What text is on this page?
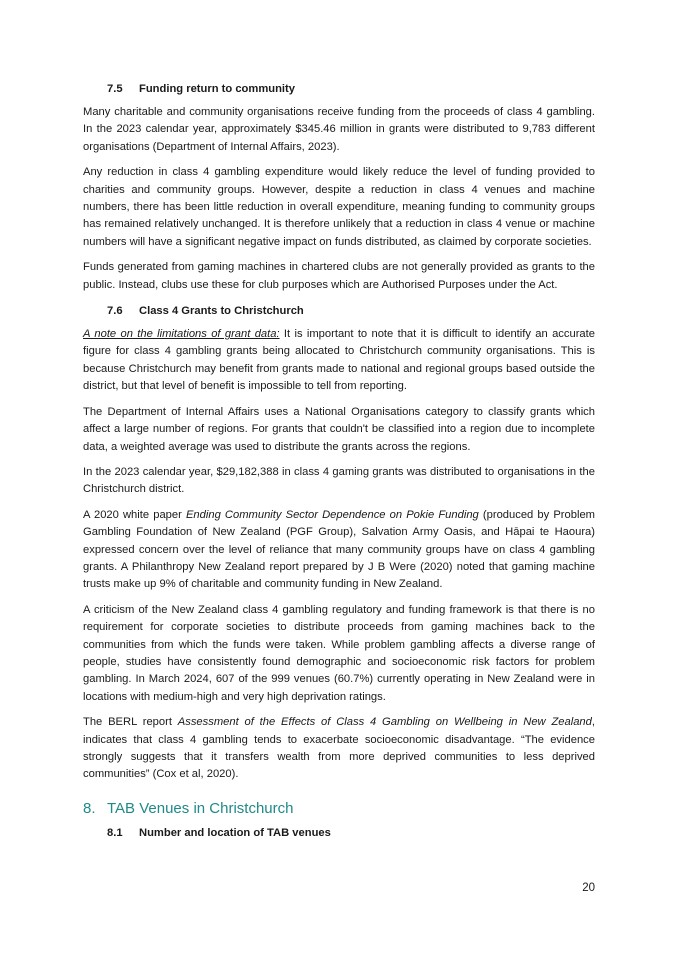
7.5 Funding return to community

Many charitable and community organisations receive funding from the proceeds of class 4 gambling. In the 2023 calendar year, approximately $345.46 million in grants were distributed to 9,783 different organisations (Department of Internal Affairs, 2023).

Any reduction in class 4 gambling expenditure would likely reduce the level of funding provided to charities and community groups. However, despite a reduction in class 4 venues and machine numbers, there has been little reduction in overall expenditure, meaning funding to community groups has remained relatively unchanged. It is therefore unlikely that a reduction in class 4 venue or machine numbers will have a significant negative impact on funds distributed, as claimed by corporate societies.

Funds generated from gaming machines in chartered clubs are not generally provided as grants to the public. Instead, clubs use these for club purposes which are Authorised Purposes under the Act.

7.6 Class 4 Grants to Christchurch

A note on the limitations of grant data: It is important to note that it is difficult to identify an accurate figure for class 4 gambling grants being allocated to Christchurch community organisations. This is because Christchurch may benefit from grants made to national and regional groups based outside the district, but that level of benefit is impossible to tell from reporting.

The Department of Internal Affairs uses a National Organisations category to classify grants which affect a large number of regions. For grants that couldn't be classified into a region due to incomplete data, a weighted average was used to distribute the grants across the regions.

In the 2023 calendar year, $29,182,388 in class 4 gaming grants was distributed to organisations in the Christchurch district.

A 2020 white paper Ending Community Sector Dependence on Pokie Funding (produced by Problem Gambling Foundation of New Zealand (PGF Group), Salvation Army Oasis, and Hāpai te Haoura) expressed concern over the level of reliance that many community groups have on class 4 gambling grants. A Philanthropy New Zealand report prepared by J B Were (2020) noted that gaming machine trusts make up 9% of charitable and community funding in New Zealand.

A criticism of the New Zealand class 4 gambling regulatory and funding framework is that there is no requirement for corporate societies to distribute proceeds from gaming machines back to the communities from which the funds were taken. While problem gambling affects a diverse range of people, studies have consistently found demographic and socioeconomic risk factors for problem gambling. In March 2024, 607 of the 999 venues (60.7%) currently operating in New Zealand were in locations with medium-high and very high deprivation ratings.

The BERL report Assessment of the Effects of Class 4 Gambling on Wellbeing in New Zealand, indicates that class 4 gambling tends to exacerbate socioeconomic disadvantage. “The evidence strongly suggests that it transfers wealth from more deprived communities to less deprived communities” (Cox et al, 2020).

8. TAB Venues in Christchurch
8.1 Number and location of TAB venues
20
